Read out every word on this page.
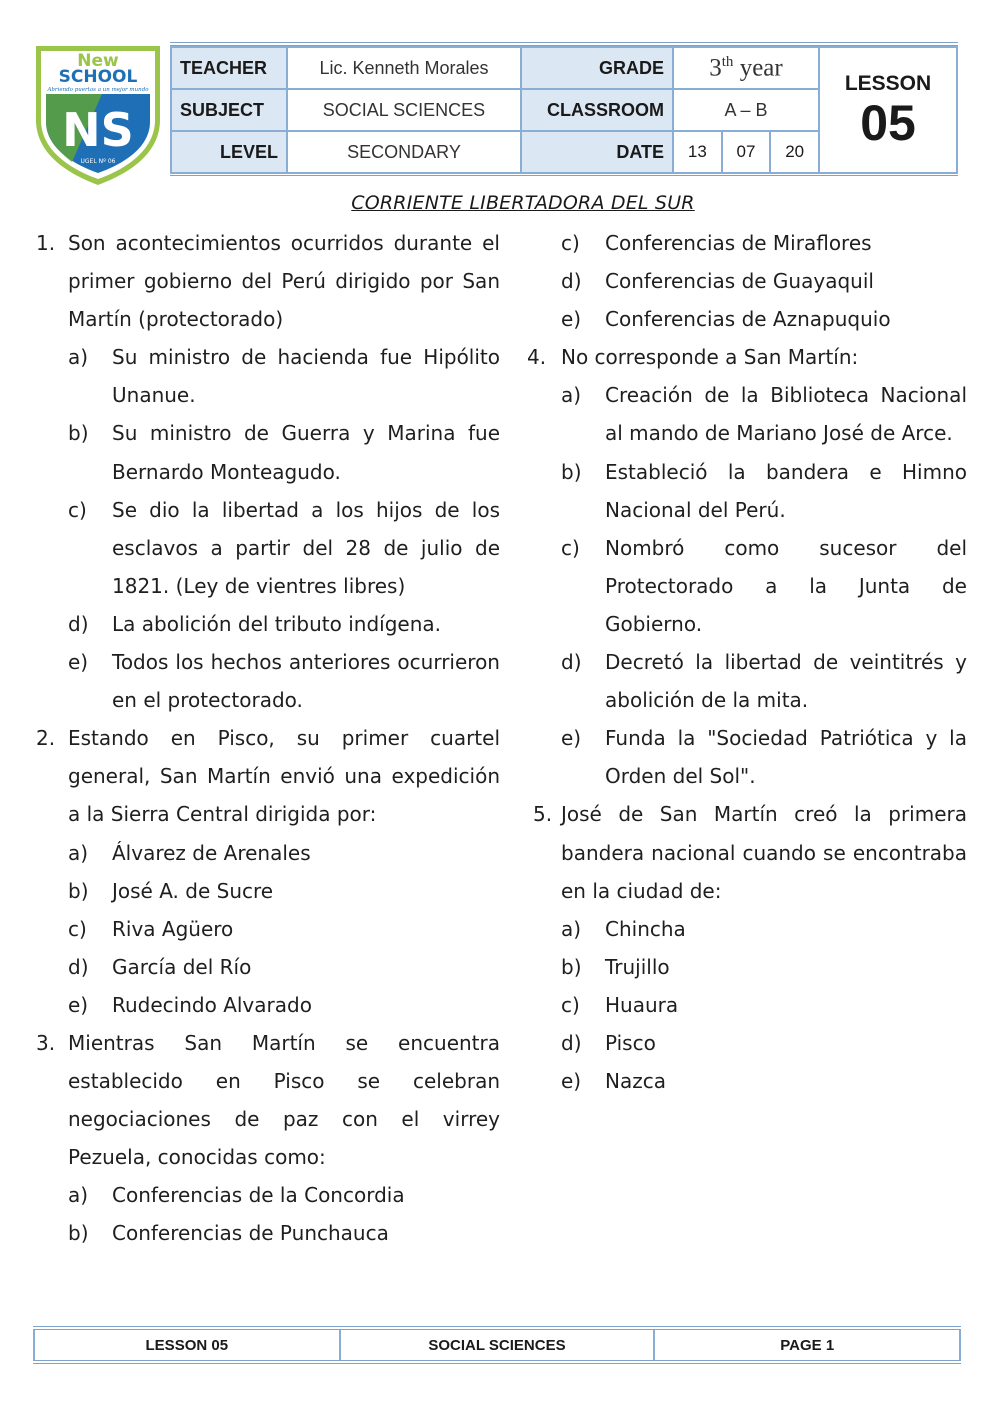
New
SCHOOL
Abriendo puertas a un mejor mundo
NS
UGEL Nº 06
TEACHER	Lic. Kenneth Morales	GRADE	3th year			LESSON
05

SUBJECT	SOCIAL SCIENCES	CLASSROOM	A – B			
LEVEL	SECONDARY	DATE	13	07	20	
CORRIENTE LIBERTADORA DEL SUR
1. Son acontecimientos ocurridos durante el primer gobierno del Perú dirigido por San Martín (protectorado)
a) Su ministro de hacienda fue Hipólito Unanue.
b) Su ministro de Guerra y Marina fue Bernardo Monteagudo.
c) Se dio la libertad a los hijos de los esclavos a partir del 28 de julio de 1821. (Ley de vientres libres)
d) La abolición del tributo indígena.
e) Todos los hechos anteriores ocurrieron en el protectorado.
2. Estando en Pisco, su primer cuartel general, San Martín envió una expedición a la Sierra Central dirigida por:
a) Álvarez de Arenales
b) José A. de Sucre
c) Riva Agüero
d) García del Río
e) Rudecindo Alvarado
3. Mientras San Martín se encuentra establecido en Pisco se celebran negociaciones de paz con el virrey Pezuela, conocidas como:
a) Conferencias de la Concordia
b) Conferencias de Punchauca
c) Conferencias de Miraflores
d) Conferencias de Guayaquil
e) Conferencias de Aznapuquio
4. No corresponde a San Martín:
a) Creación de la Biblioteca Nacional al mando de Mariano José de Arce.
b) Estableció la bandera e Himno Nacional del Perú.
c) Nombró como sucesor del Protectorado a la Junta de Gobierno.
d) Decretó la libertad de veintitrés y abolición de la mita.
e) Funda la "Sociedad Patriótica y la Orden del Sol".
5. José de San Martín creó la primera bandera nacional cuando se encontraba en la ciudad de:
a) Chincha
b) Trujillo
c) Huaura
d) Pisco
e) Nazca
LESSON 05	SOCIAL SCIENCES	PAGE 1
